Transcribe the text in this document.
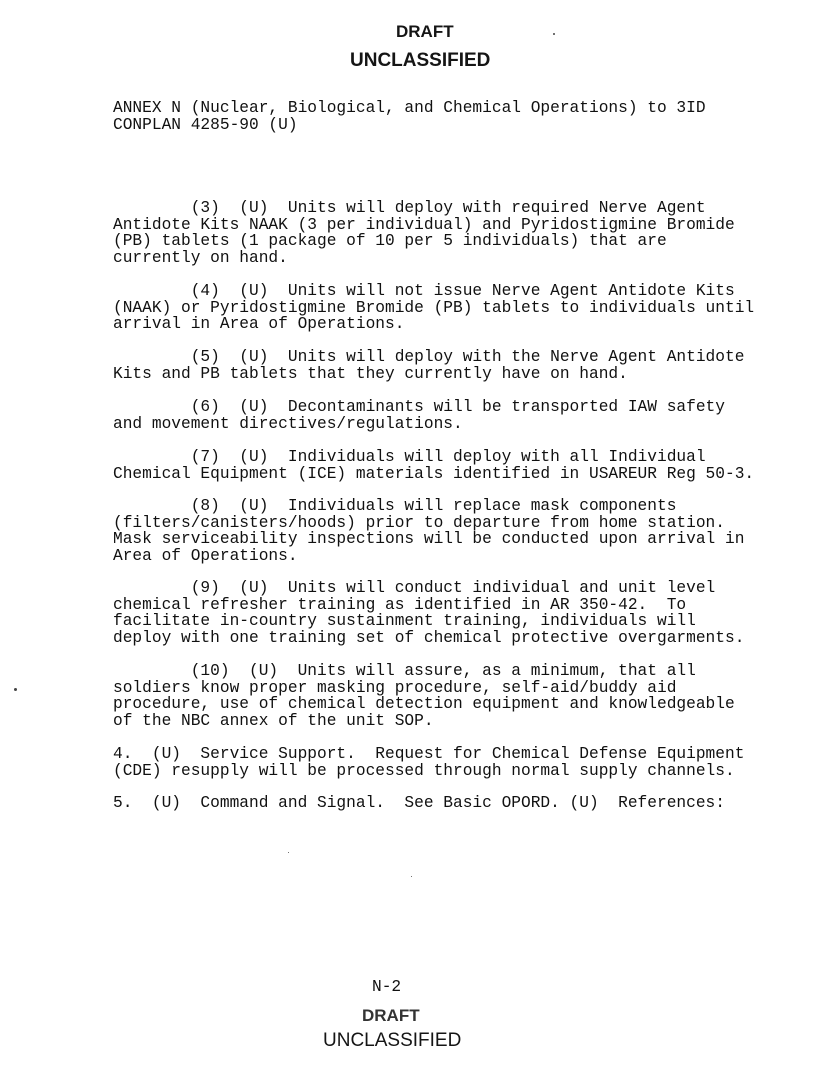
DRAFT
UNCLASSIFIED
ANNEX N (Nuclear, Biological, and Chemical Operations) to 3ID
CONPLAN 4285-90 (U)
(3)  (U)  Units will deploy with required Nerve Agent
Antidote Kits NAAK (3 per individual) and Pyridostigmine Bromide
(PB) tablets (1 package of 10 per 5 individuals) that are
currently on hand.
(4)  (U)  Units will not issue Nerve Agent Antidote Kits
(NAAK) or Pyridostigmine Bromide (PB) tablets to individuals until
arrival in Area of Operations.
(5)  (U)  Units will deploy with the Nerve Agent Antidote
Kits and PB tablets that they currently have on hand.
(6)  (U)  Decontaminants will be transported IAW safety
and movement directives/regulations.
(7)  (U)  Individuals will deploy with all Individual
Chemical Equipment (ICE) materials identified in USAREUR Reg 50-3.
(8)  (U)  Individuals will replace mask components
(filters/canisters/hoods) prior to departure from home station.
Mask serviceability inspections will be conducted upon arrival in
Area of Operations.
(9)  (U)  Units will conduct individual and unit level
chemical refresher training as identified in AR 350-42.  To
facilitate in-country sustainment training, individuals will
deploy with one training set of chemical protective overgarments.
(10)  (U)  Units will assure, as a minimum, that all
soldiers know proper masking procedure, self-aid/buddy aid
procedure, use of chemical detection equipment and knowledgeable
of the NBC annex of the unit SOP.
4.  (U)  Service Support.  Request for Chemical Defense Equipment
(CDE) resupply will be processed through normal supply channels.
5.  (U)  Command and Signal.  See Basic OPORD. (U)  References:
N-2
DRAFT
UNCLASSIFIED
